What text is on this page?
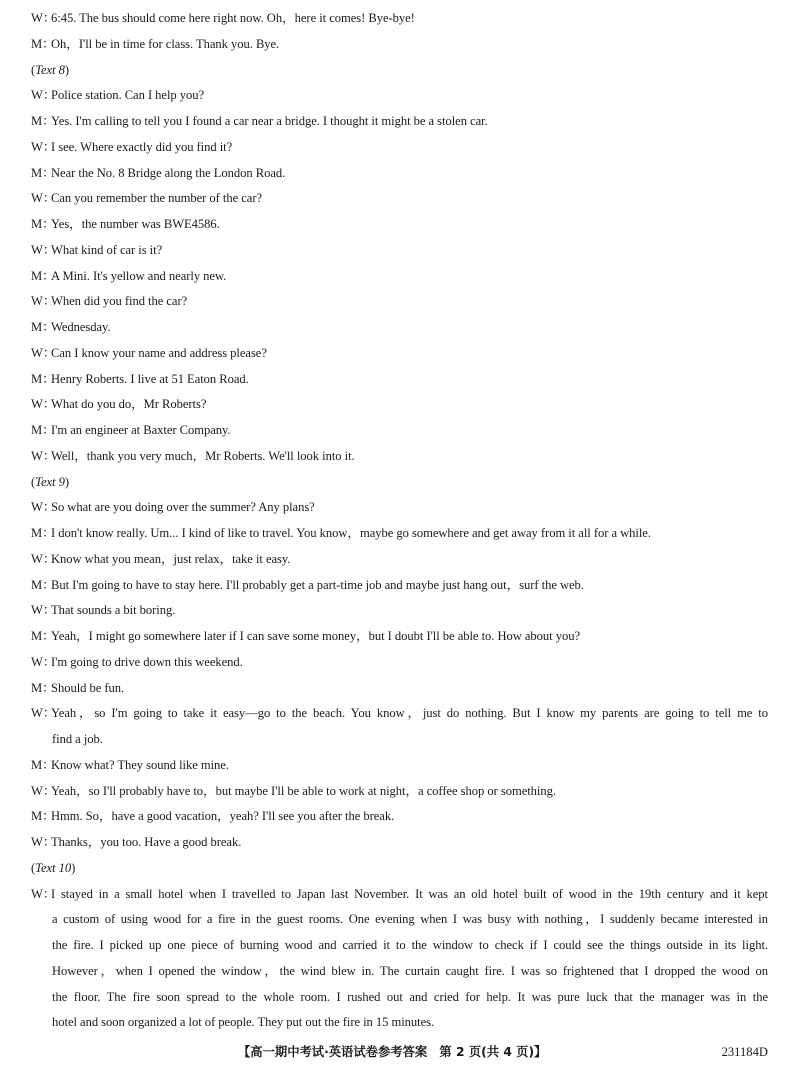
W：6:45. The bus should come here right now. Oh，here it comes! Bye-bye!
M：Oh，I'll be in time for class. Thank you. Bye.
(Text 8)
W：Police station. Can I help you?
M：Yes. I'm calling to tell you I found a car near a bridge. I thought it might be a stolen car.
W：I see. Where exactly did you find it?
M：Near the No. 8 Bridge along the London Road.
W：Can you remember the number of the car?
M：Yes，the number was BWE4586.
W：What kind of car is it?
M：A Mini. It's yellow and nearly new.
W：When did you find the car?
M：Wednesday.
W：Can I know your name and address please?
M：Henry Roberts. I live at 51 Eaton Road.
W：What do you do，Mr Roberts?
M：I'm an engineer at Baxter Company.
W：Well，thank you very much，Mr Roberts. We'll look into it.
(Text 9)
W：So what are you doing over the summer? Any plans?
M：I don't know really. Um... I kind of like to travel. You know，maybe go somewhere and get away from it all for a while.
W：Know what you mean，just relax，take it easy.
M：But I'm going to have to stay here. I'll probably get a part-time job and maybe just hang out，surf the web.
W：That sounds a bit boring.
M：Yeah，I might go somewhere later if I can save some money，but I doubt I'll be able to. How about you?
W：I'm going to drive down this weekend.
M：Should be fun.
W：Yeah，so I'm going to take it easy—go to the beach. You know，just do nothing. But I know my parents are going to tell me to
find a job.
M：Know what? They sound like mine.
W：Yeah，so I'll probably have to，but maybe I'll be able to work at night，a coffee shop or something.
M：Hmm. So，have a good vacation，yeah? I'll see you after the break.
W：Thanks，you too. Have a good break.
(Text 10)
W：I stayed in a small hotel when I travelled to Japan last November. It was an old hotel built of wood in the 19th century and it kept
a custom of using wood for a fire in the guest rooms. One evening when I was busy with nothing，I suddenly became interested in
the fire. I picked up one piece of burning wood and carried it to the window to check if I could see the things outside in its light.
However，when I opened the window，the wind blew in. The curtain caught fire. I was so frightened that I dropped the wood on
the floor. The fire soon spread to the whole room. I rushed out and cried for help. It was pure luck that the manager was in the
hotel and soon organized a lot of people. They put out the fire in 15 minutes.
【高一期中考试·英语试卷参考答案　第 2 页(共 4 页)】	231184D
